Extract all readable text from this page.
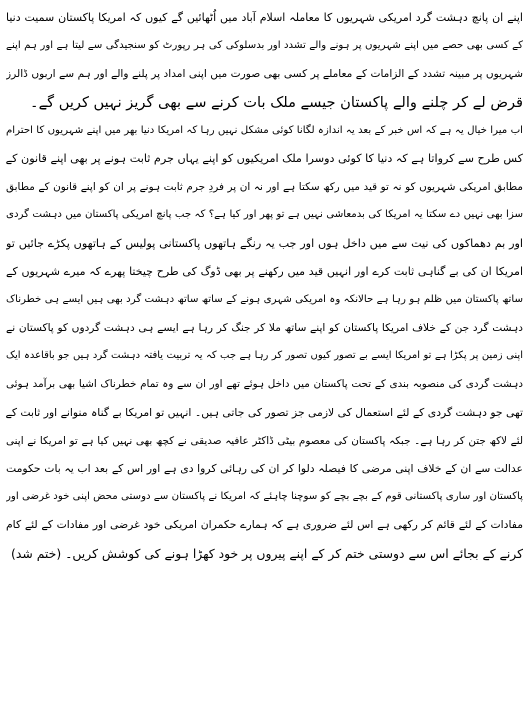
اپنے ان پانچ دہشت گرد امریکی شہریوں کا معاملہ اسلام آباد میں اُٹھائیں گے کیوں کہ امریکا پاکستان سمیت دنیا
کے کسی بھی حصے میں اپنے شہریوں پر ہونے والے تشدد اور بدسلوکی کی ہر رپورٹ کو سنجیدگی سے لیتا ہے اور ہم اپنے
شہریوں پر مبینہ تشدد کے الزامات کے معاملے پر کسی بھی صورت میں اپنی امداد پر پلنے والے اور ہم سے اربوں ڈالرز
قرض لے کر چلنے والے پاکستان جیسے ملک بات کرنے سے بھی گریز نہیں کریں گے۔
اب میرا خیال یہ ہے کہ اس خبر کے بعد یہ اندازہ لگانا کوئی مشکل نہیں رہا کہ امریکا دنیا بھر میں اپنے شہریوں کا احترام
کس طرح سے کرواتا ہے کہ دنیا کا کوئی دوسرا ملک امریکیوں کو اپنے یہاں جرم ثابت ہونے پر بھی اپنے قانون کے
مطابق امریکی شہریوں کو نہ تو قید میں رکھ سکتا ہے اور نہ ان پر فردِ جرم ثابت ہونے پر ان کو اپنے قانون کے مطابق
سزا بھی نہیں دے سکتا یہ امریکا کی بدمعاشی نہیں ہے تو پھر اور کیا ہے؟ کہ جب پانچ امریکی پاکستان میں دہشت گردی
اور بم دھماکوں کی نیت سے میں داخل ہوں اور جب یہ رنگے ہاتھوں پاکستانی پولیس کے ہاتھوں پکڑے جائیں تو
امریکا ان کی بے گناہی ثابت کرے اور انہیں قید میں رکھنے پر بھی ڈوگ کی طرح چیختا پھرے کہ میرے شہریوں کے
ساتھ پاکستان میں ظلم ہو رہا ہے حالانکہ وہ امریکی شہری ہونے کے ساتھ ساتھ دہشت گرد بھی ہیں ایسے ہی خطرناک
دہشت گرد جن کے خلاف امریکا پاکستان کو اپنے ساتھ ملا کر جنگ کر رہا ہے ایسے ہی دہشت گردوں کو پاکستان نے
اپنی زمین پر پکڑا ہے تو امریکا ایسے بے تصور کیوں تصور کر رہا ہے جب کہ یہ تربیت یافتہ دہشت گرد ہیں جو باقاعدہ ایک
دہشت گردی کی منصوبہ بندی کے تحت پاکستان میں داخل ہوئے تھے اور ان سے وہ تمام خطرناک اشیا بھی برآمد ہوئی
تھی جو دہشت گردی کے لئے استعمال کی لازمی جز تصور کی جاتی ہیں۔ انہیں تو امریکا بے گناہ منوانے اور ثابت کے
لئے لاکھ جتن کر رہا ہے۔ جبکہ پاکستان کی معصوم بیٹی ڈاکٹر عافیہ صدیقی نے کچھ بھی نہیں کیا ہے تو امریکا نے اپنی
عدالت سے ان کے خلاف اپنی مرضی کا فیصلہ دلوا کر ان کی رہائی کروا دی ہے اور اس کے بعد اب یہ بات حکومت
پاکستان اور ساری پاکستانی قوم کے بچے بچے کو سوچنا چاہئے کہ امریکا نے پاکستان سے دوستی محض اپنی خود غرضی اور
مفادات کے لئے قائم کر رکھی ہے اس لئے ضروری ہے کہ ہمارے حکمران امریکی خود غرضی اور مفادات کے لئے کام
کرنے کے بجائے اس سے دوستی ختم کر کے اپنے پیروں پر خود کھڑا ہونے کی کوشش کریں۔ (ختم شد)
